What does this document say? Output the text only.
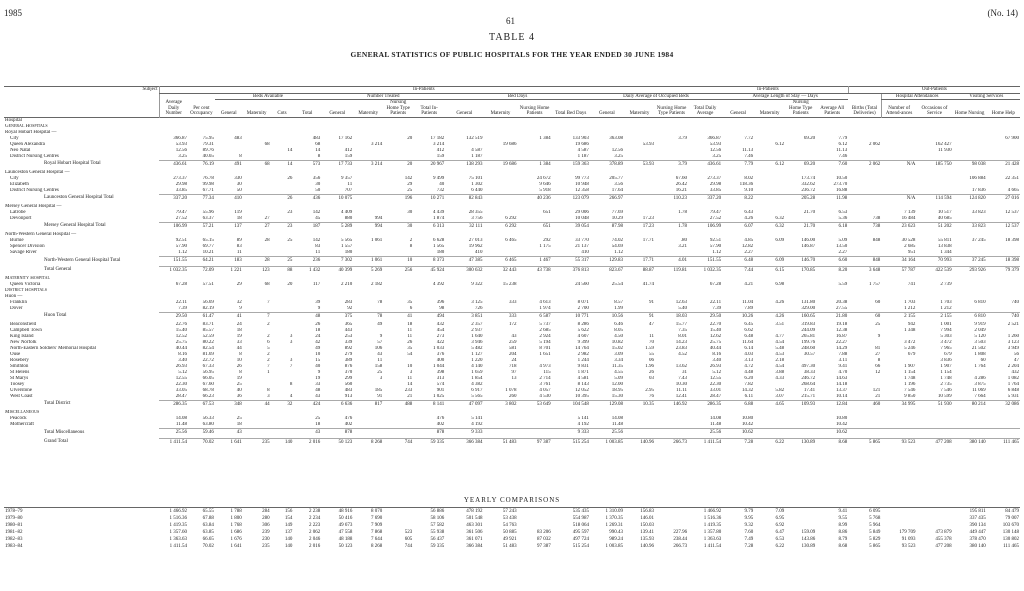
1985
61
(No. 14)
TABLE 4
GENERAL STATISTICS OF PUBLIC HOSPITALS FOR THE YEAR ENDED 30 JUNE 1984
Subject	In-Patients																	In-Patients					Out-Patients				
	Average Daily Number	Per cent Occupancy	Beds Available				Number Treated				Bed Days				Daily Average of Occupied Beds				Average Length of Stay — Days				Births (Total Deliveries)	Hospital Attendances		Visiting Services	
			General	Maternity	Cots	Total	General	Maternity	Nursing Home Type Patients	Total In-Patients	General	Maternity	Nursing Home Patients	Total Bed Days	General	Maternity	Nursing Home Type Patients	Total Daily Average	General	Maternity	Nursing Home Type Patients	Average All Patients		Number of Attend-ances	Occasions of Service	Home Nursing	Home Help
Hospital																											
General Hospitals																											
Royal Hobart Hospital —																											
City	366.87	75.95	483			483	17 162		20	17 182	132 519		1 384	133 903	363.08		3.79	366.87	7.72		69.20	7.79					67 900
Queen Alexandra	53.93	79.31		68		68		3 214		3 214		19 686		19 686		53.93		53.93		6.12		6.12	2 062		162 427		
Neo Natal	12.56	89.76			14	14	412			412	4 587			4 587	12.56			12.56	11.13			11.13			11 930		
District Nursing Centres	3.25	40.65	8			8	159			159	1 187			1 187	3.25			3.25	7.46			7.46					
Royal Hobart Hospital Total	436.61	76.19	491	68	14	573	17 733	3 214	20	20 967	138 293	19 686	1 384	159 363	378.89	53.93	3.79	436.61	7.79	6.12	69.20	7.60	2 062	N/A	185 750	98 038	21 428
Launceston General Hospital —																											
City	273.37	76.78	330		26	356	9 357		142	9 499	75 101		24 672	99 773	205.77		67.60	273.37	8.02		173.74	10.50				106 884	22 351
Elizabeth	29.98	99.98	30			30	11		29	40	1 302		9 646	10 948	3.56		26.42	29.98	118.36		332.62	273.70					
District Nursing Centres	33.85	67.71	50			50	707		25	732	6 440		5 918	12 358	17.64		16.21	33.85	9.10		236.72	16.88				17 836	4 665
Launceston General Hospital Total	337.20	77.34	410		26	436	10 075		196	10 271	82 843		40 236	123 079	266.97		110.23	337.20	8.22		205.28	11.98		N/A	114 594	124 820	27 016
Mersey General Hospital —																											
Latrobe	79.47	55.96	119		23	142	4 409		30	4 439	28 355		651	29 006	77.69		1.78	79.47	6.43		21.70	6.53		7 139	10 517	33 823	12 537
Devonport	27.52	63.37	18	27		45	880	994		1 874	3 756	6 292		10 048	10.29	17.23		27.52	4.26	6.32		5.36	738	16 484	40 685		
Mersey General Hospital Total	106.99	57.21	137	27	23	187	5 289	994	30	6 313	32 111	6 292	651	39 054	87.98	17.23	1.78	106.99	6.07	6.32	21.70	6.18	738	23 623	51 202	33 823	12 537
North-Western General Hospital —																											
Burnie	92.51	65.15	89	28	25	142	5 565	1 061	2	6 628	27 013	6 465	292	33 770	74.02	17.71	.80	92.51	4.85	6.09	146.00	5.09	848	30 528	55 811	37 245	18 398
Spencer Division	57.90	69.77	83			83	1 557		8	1 565	19 962		1 175	21 137	54.69		3.21	57.90	12.82		146.87	13.50		2 685	13 838		
Savage River	1.12	10.21	11			11	180			180	410			410	1.12			1.12	2.27			2.27		951	1 344		
North-Western General Hospital Total	151.55	64.21	183	28	25	236	7 302	1 061	10	8 373	47 385	6 465	1 467	55 317	129.83	17.71	4.01	151.55	6.48	6.09	146.70	6.60	848	34 164	70 993	37 245	18 398
Total General	1 032.35	72.09	1 221	123	88	1 432	40 399	5 269	256	45 924	300 632	32 443	43 738	376 813	823.67	88.87	119.81	1 032.35	7.44	6.15	170.85	8.20	3 648	57 787	422 539	293 926	79 379
Maternity Hospital																											
Queen Victoria	67.28	57.51	29	68	20	117	2 210	2 182		4 392	9 322	15 238		24 560	25.54	41.74		67.28	4.21	6.98		5.59	1 757	741	2 739		
District Hospitals																											
Huon —																											
Franklin	22.11	56.69	32	7		39	283	78	35	396	3 125	333	4 613	8 071	8.57	91	12.63	22.11	11.04	4.26	131.80	20.38	60	1 703	1 703	6 810	740
Dover	7.39	82.19	9			9	92		6	98	726		1 974	2 700	1.99		5.40	7.39	7.89		329.00	27.55		1 212	1 212		
Huon Total	29.50	61.47	41	7		48	375	78	41	494	3 851	333	6 587	10 771	10.56	91	18.03	29.50	10.26	4.26	160.65	21.80	60	2 155	2 155	6 810	740
Beaconsfield	22.76	83.71	24	2		26	365	49	18	432	2 357	172	5 737	8 286	6.46	47	15.77	22.70	6.45	3.51	319.83	19.18	25	942	1 001	9 919	2 521
Campbell Town	15.40	85.57	18			18	443		11	454	2 937		2 685	5 622	8.05		7.35	15.40	6.62		244.09	12.38		1 348	7 994	2 049	
King Island	12.52	52.59	19	2	3	24	253	9	11	273	1 640	43	2 924	4 607	4.50	11	8.01	12.62	6.48	4.77	265.81	16.87	9		5 303	5 120	1 260
New Norfolk	25.75	80.22	33	6	3	42	339	57	26	422	3 946	259	5 194	9 399	10.82	70	14.23	25.75	11.64	4.54	199.76	22.27		3 472	3 472	3 503	3 123
North-Eastern Soldiers' Memorial Hospital	40.44	82.54	44	5		49	892	106	35	1 033	5 482	581	8 701	14 764	15.02	1.59	23.83	40.44	6.14	5.48	248.60	14.29	81	5 246	7 965	21 502	3 949
Ouse	8.16	81.69	8	2		10	279	43	54	376	1 127	204	1 651	2 982	3.09	55	4.52	8.16	4.03	4.53	30.57	7.88	27	679	679	1 808	56
Rosebery	3.40	22.72	10	2	3	15	389	11		400	1 220	24		1 244	3.34	06		3.40	3.13	2.18		3.11	8		3 836	60	47
Smithton	26.93	67.33	26	7	7	40	876	158	10	1 044	4 140	718	4 973	9 831	11.35	1.96	13.62	26.93	4.72	4.54	497.30	9.41	66	1 907	1 907	1 764	2 204
St Helens	5.12	56.95	8	1		9	370	25	3	398	1 659	97	115	1 871	4.55	26	31	5.12	4.48	3.88	38.33	4.70	12	1 154	1 154		432
St Marys	12.55	66.05	19			19	299	3	11	313	1 854	13	2 714	4 581	5.09	03	7.43	12.55	6.20	4.33	246.72	14.63		1 748	1 748	4 286	1 082
Toosey	22.30	67.60	25		8	33	560		14	574	4 382		3 761	8 143	12.00		10.30	22.30	7.82		268.64	14.18		1 196	2 735	3 875	1 764
Ulverstone	33.05	68.78	40	8		48	483	185	233	901	6 917	1 078	4 057	12 052	18.95	2.95	11.11	33.01	14.32	5.82	17.41	13.37	121	7 546	7 546	11 069	6 848
West Coast	28.47	66.23	36	3	4	43	913	91	21	1 025	5 565	260	4 530	10 395	15.30	76	12.41	28.47	6.11	3.07	215.71	10.14	21	9 850	10 599	7 664	5 931
Total District	286.35	67.53	348	44	32	424	6 636	817	488	8 141	47 097	3 802	53 649	104 548	129.08	10.35	146.92	286.35	6.88	4.65	109.93	12.84	460	34 995	51 930	80 214	32 086
Miscellaneous																											
Peacock	14.08	56.33	25			25	476			476	5 141			5 141	14.08			14.08	10.80			10.80					
Mothercraft	11.48	63.80	18			18	402			402	4 192			4 192	11.48			11.48	10.42			10.42					
Total Miscellaneous	25.56	59.46	43			43	878			878	9 333			9 333	25.56			25.56	10.62			10.62					
Grand Total	1 411.54	70.02	1 641	235	140	2 016	50 123	8 268	744	59 335	366 384	51 483	97 387	515 254	1 003.85	140.96	266.73	1 411.54	7.28	6.22	130.89	8.68	5 865	93 523	477 208	380 140	111 465
YEARLY COMPARISONS
1978–79	1 466.92	65.55	1 788	284	156	2 238	48 916	8 070		56 886	478 192	57 243		535 435	1 310.09	156.83		1 466.92	9.79	7.09		9.41	6 095			195 811	84 479
1979–80	1 516.36	67.88	1 800	280	154	2 234	50 416	7 690		58 106	501 548	53 438		554 987	1 370.35	146.01		1 516.36	9.95	6.95		9.55	5 768			337 435	79 007
1980–81	1 419.35	63.84	1 768	306	149	2 223	49 673	7 909		57 582	463 301	54 763		518 064	1 269.31	150.03		1 419.35	9.32	6.92		8.99	5 964			390 134	103 670
1981–82	1 357.60	63.85	1 686	239	137	2 062	47 558	7 868	523	55 938	361 506	50 885	83 206	495 597	990.43	139.41	227.96	1 357.80	7.60	6.47	159.09	8.86	5 849	179 709	473 879	449 447	130 148
1982–83	1 363.63	66.65	1 676	230	140	2 046	48 188	7 644	605	56 437	361 071	49 921	87 032	497 724	989.24	135.93	238.44	1 363.63	7.49	6.53	143.86	8.79	5 829	91 093	455 378	378 470	130 802
1983–84	1 411.54	70.02	1 641	235	140	2 016	50 123	8 268	744	59 335	366 384	51 483	97 387	515 254	1 003.85	140.96	266.73	1 411.54	7.28	6.22	130.89	8.68	5 865	93 523	477 208	380 140	111 465
